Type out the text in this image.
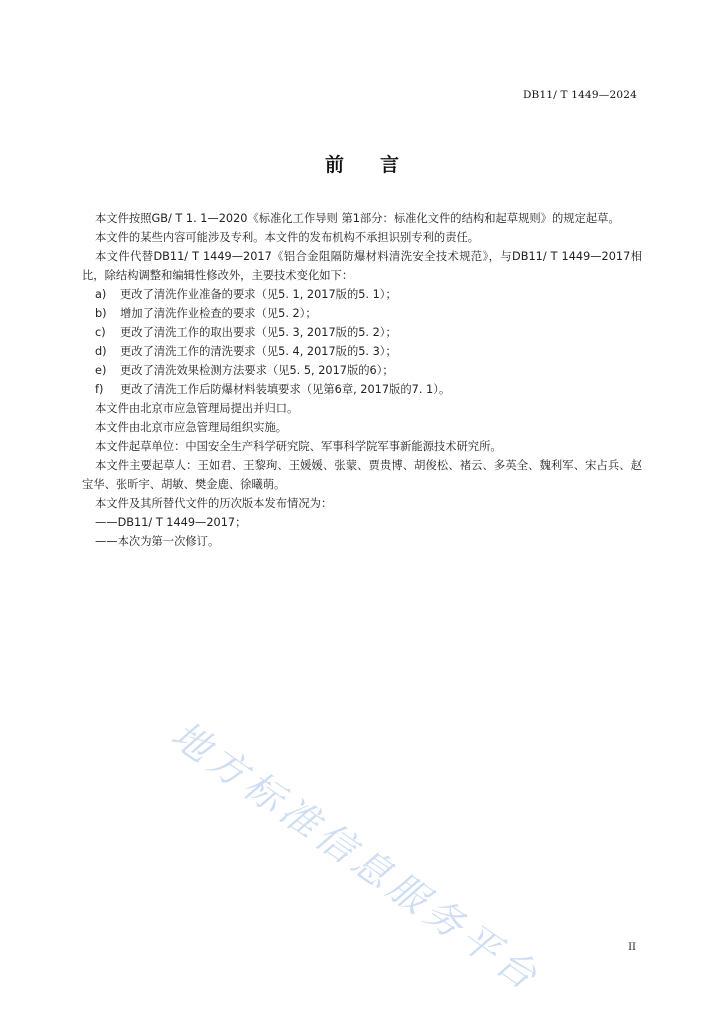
DB11/ T 1449—2024
前言

本文件按照GB/ T 1. 1—2020《标准化工作导则 第1部分：标准化文件的结构和起草规则》的规定起草。

本文件的某些内容可能涉及专利。本文件的发布机构不承担识别专利的责任。

本文件代替DB11/ T 1449—2017《铝合金阻隔防爆材料清洗安全技术规范》，与DB11/ T 1449—2017相比，除结构调整和编辑性修改外，主要技术变化如下：

a)	更改了清洗作业准备的要求（见5. 1, 2017版的5. 1）；

b)	增加了清洗作业检查的要求（见5. 2）；

c)	更改了清洗工作的取出要求（见5. 3, 2017版的5. 2）；

d)	更改了清洗工作的清洗要求（见5. 4, 2017版的5. 3）；

e)	更改了清洗效果检测方法要求（见5. 5, 2017版的6）；

f)	更改了清洗工作后防爆材料装填要求（见第6章, 2017版的7. 1）。

本文件由北京市应急管理局提出并归口。

本文件由北京市应急管理局组织实施。

本文件起草单位：中国安全生产科学研究院、军事科学院军事新能源技术研究所。

本文件主要起草人：王如君、王黎珣、王媛媛、张蒙、贾贵博、胡俊松、褚云、多英全、魏利军、宋占兵、赵宝华、张昕宇、胡敏、樊金鹿、徐曦萌。

本文件及其所替代文件的历次版本发布情况为：

——DB11/ T 1449—2017；

——本次为第一次修订。

地方标准信息服务平台	II
